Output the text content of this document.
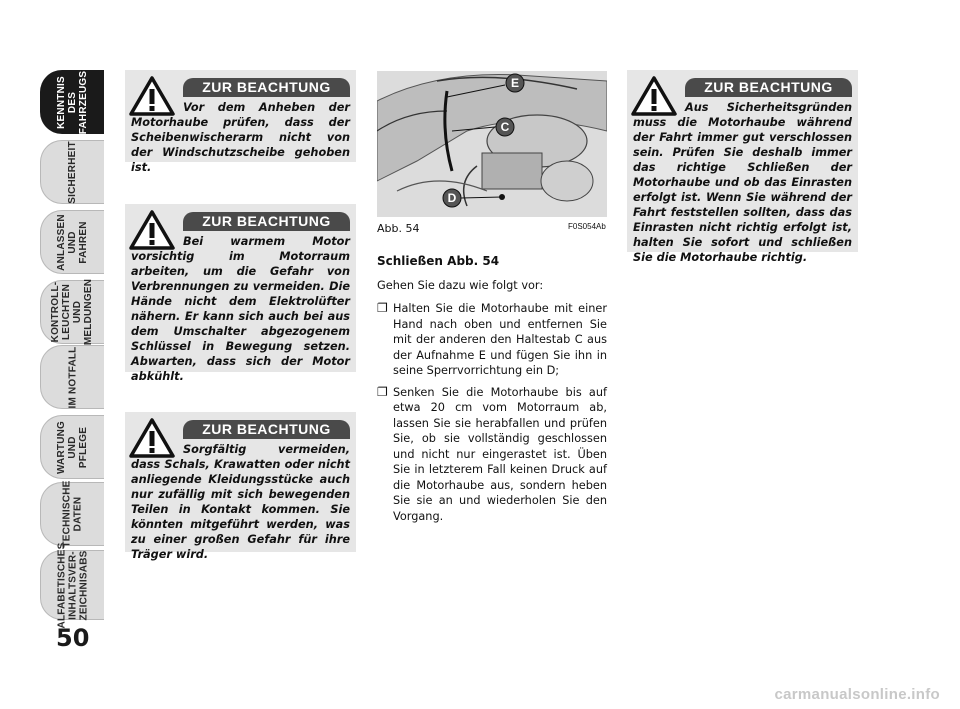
KENNTNIS DES
FAHRZEUGS
SICHERHEIT
ANLASSEN
UND FAHREN
KONTROLL-
LEUCHTEN UND
MELDUNGEN
IM NOTFALL
WARTUNG
UND PFLEGE
TECHNISCHE
DATEN
ALFABETISCHES
INHALTSVER-
ZEICHNISABS
50
ZUR BEACHTUNG
Vor dem Anheben der Motorhaube prüfen, dass der Scheibenwischerarm nicht von der Windschutzscheibe gehoben ist.
ZUR BEACHTUNG
Bei warmem Motor vorsichtig im Motorraum arbeiten, um die Gefahr von Verbrennungen zu vermeiden. Die Hände nicht dem Elektrolüfter nähern. Er kann sich auch bei aus dem Umschalter abgezogenem Schlüssel in Bewegung setzen. Abwarten, dass sich der Motor abkühlt.
ZUR BEACHTUNG
Sorgfältig vermeiden, dass Schals, Krawatten oder nicht anliegende Kleidungsstücke auch nur zufällig mit sich bewegenden Teilen in Kontakt kommen. Sie könnten mitgeführt werden, was zu einer großen Gefahr für ihre Träger wird.
ZUR BEACHTUNG
Aus Sicherheitsgründen muss die Motorhaube während der Fahrt immer gut verschlossen sein. Prüfen Sie deshalb immer das richtige Schließen der Motorhaube und ob das Einrasten erfolgt ist. Wenn Sie während der Fahrt feststellen sollten, dass das Einrasten nicht richtig erfolgt ist, halten Sie sofort und schließen Sie die Motorhaube richtig.
E
C
D
Abb. 54	F0S054Ab
Schließen Abb. 54

Gehen Sie dazu wie folgt vor:

❐ Halten Sie die Motorhaube mit einer Hand nach oben und entfernen Sie mit der anderen den Haltestab C aus der Aufnahme E und fügen Sie ihn in seine Sperrvorrichtung ein D;
❐ Senken Sie die Motorhaube bis auf etwa 20 cm vom Motorraum ab, lassen Sie sie herabfallen und prüfen Sie, ob sie vollständig geschlossen und nicht nur eingerastet ist. Üben Sie in letzterem Fall keinen Druck auf die Motorhaube aus, sondern heben Sie sie an und wiederholen Sie den Vorgang.
carmanualsonline.info
